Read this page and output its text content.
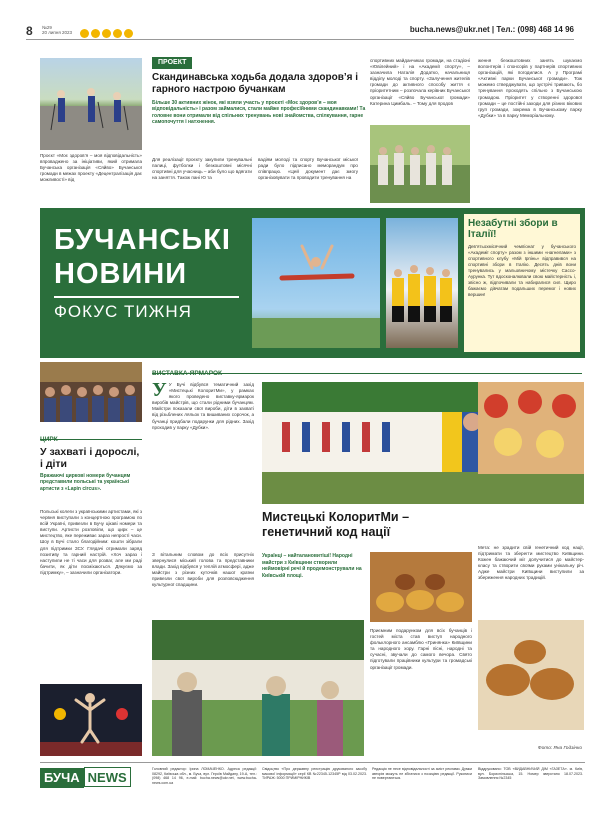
8 №29
20 липня 2023	bucha.news@ukr.net | Тел.: (098) 468 14 96
ПРОЕКТ
Скандинавська ходьба додала здоров’я і гарного настрою бучанкам
Більше 30 активних жінок, які взяли участь у проєкті «Моє здоров’я – моя відповідальність» і разом займалися, стали майже професійними скандинавками! Та головне вони отримали від спільних тренувань нові знайомства, спілкування, гарне самопочуття і натхнення.
Проєкт «Моє здоров’я – моя відповідальність» впроваджено за ініціативи, який отримала Бучанська організація «Сяйво» Бучанської громади в межах проекту «Децентралізація дає можливості» від
Для реалізації проєкту закупили тренувальні палиці, футболки і безкоштовні місячні спортивні для учасниць – аби було що вдягати на заняття. Також пані Ю та
вадіям молоді та спорту Бучанської міської ради було підписано меморандум про співпрацю. «Цей документ дає змогу організовувати та проводити тренування на
спортивних майданчиках громади, на стадіоні «Ювілейний» і на «Академії спорту», – зазначила Наталія Додатко, начальниця відділу молоді та спорту. «Залучення жителів громади до активного способу життя є пріоритетним – розпочала керівник Бучанської організації «Сяйво Бучанської громади» Катерина Цимбаль. – Тому для продов
ження безкоштовних занять шукаємо волонтерів і спонсорів у партнерів спортивних організацій, які погодилися. А у Програмі «Активні парки Бучанської громади». Тож можемо стверджувати, що зустрічі тривають, бо тренування проходять спільно з Бучанською громадою. Пріоритет у створенні здорової громади – це постійні заходи для різних вікових груп громади, зокрема в Бучанському парку «Дубки» та в парку Меморіальному.
БУЧАНСЬКІ
НОВИНИ
ФОКУС ТИЖНЯ
Незабутні збори в Італії!
Дев’ятьохмісячний чемпіонат у бучанського «Академії спорту» разом з іншими «нагнелами» з спортивного клубу «Мій Ірпінь» відправився на спортивні збори в Італію. Десять днів вони тренувались у мальовничому містечку Сассо-Аурунка. Тут вдосконалювали свою майстерність і, звісно ж, відпочивали та набиралися сил. Щиро бажаємо дівчатам подальших перемог і нових вершин!
ЦИРК
У захваті і дорослі, і діти
Вражаючі циркові номери бучанцям представили польські та українські артисти з «Lapin circus».
Польські колеги з українськими артистами, які з червня виступали з концертною програмою по всій Україні, привезли в Бучу цікаві номери та виступи. Артисти розповіли, що цирк – це мистецтво, яке переживає зараз непрості часи. Шоу в Бучі стало благодійним: кошти зібрали для підтримки ЗСУ. Глядачі отримали заряд позитиву та гарний настрій. «Хоч зараз і наступили не ті часи для розваг, але ми раді бачити, як діти посміхаються. Дякуємо за підтримку», – зазначили організатори.
ВИСТАВКА-ЯРМАРОК
У У Бучі відбувся тематичний захід «Мистецькі КолоритМи», у рамках якого проведено виставку-ярмарок виробів майстрів, що стали рідними бучанцям. Майстри показали свої вироби, діти в захваті від різьблених ляльок та вишиваних сорочок, а бучанці придбали подарунки для рідних. Захід проходив у парку «Дубки».
З вітальним словом до всіх присутніх звернулися міський голова та представники влади. Захід відбувся у теплій атмосфері, адже майстри з різних куточків нашої країни привезли свої вироби для розповсюдження культурної спадщини.
Мистецькі КолоритМи – генетичний код нації
Українці – найталановитіші! Народні майстри з Київщини створили неймовірні речі й продемонстрували на Київській площі.
Мета: не зрадити свій генетичний код нації, підтримати та зберегти мистецтво Київщини. Кожен бажаючий міг долучитися до майстер-класу та створити своїми руками унікальну річ. Адже майстри Київщини виступили за збереження народних традицій.
Приємним подарунком для всіх бучанців і гостей міста став виступ народного фольклорного ансамблю «Гринянка» Київщини та народного хору. Гарні пісні, народні та сучасні, звучали до самого вечора. Свято підготували працівники культури та громадські організації громади.
Фото: Яна Годзінко
БУЧА NEWS
Головний редактор: Ірина ЛОМАЧЕНКО. Адреса редакції: 08292, Київська обл., м. Буча, вул. Героїв Майдану, 19-А, тел.: (098) 468 14 96, e-mail: bucha.news@ukr.net, www.bucha-news.com.ua
Свідоцтво «Про державну реєстрацію друкованого засобу масової інформації» серії КВ №22345-12345Р від 03.02.2023. ТИРАЖ: 5000 ПРИМІРНИКІВ
Редакція не несе відповідальності за зміст реклами. Думки авторів можуть не збігатися з позицією редакції. Рукописи не повертаються.
Віддруковано: ТОВ «ВИДАВНИЧИЙ ДІМ «ГАЗЕТА». м. Київ, вул. Бориспільська, 15. Номер зверстано 18.07.2023. Замовлення №2345
